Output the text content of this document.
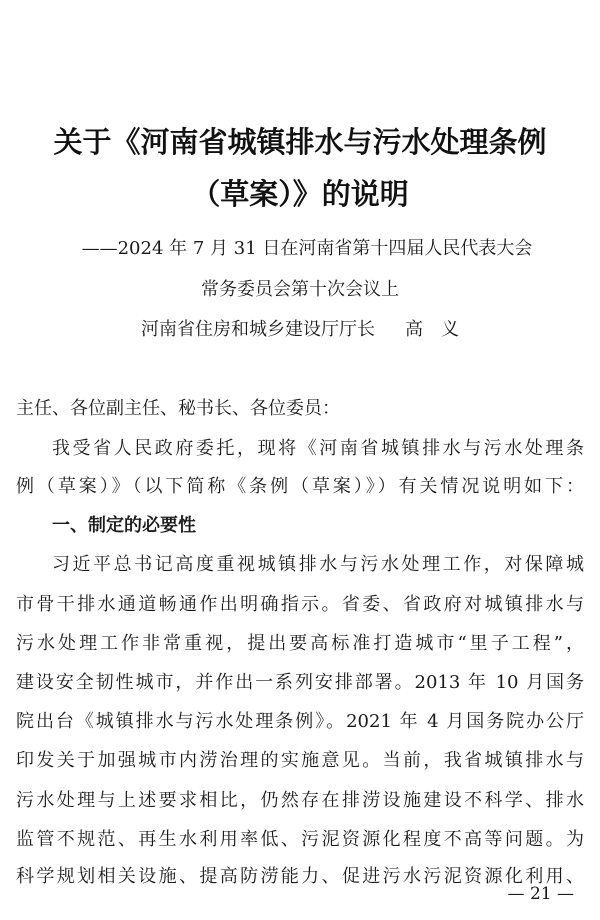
关于《河南省城镇排水与污水处理条例
（草案）》的说明
——2024 年 7 月 31 日在河南省第十四届人民代表大会
常务委员会第十次会议上
河南省住房和城乡建设厅厅长 高　义
主任、各位副主任、秘书长、各位委员：
我受省人民政府委托，现将《河南省城镇排水与污水处理条
例（草案）》（以下简称《条例（草案）》）有关情况说明如下：
一、制定的必要性
习近平总书记高度重视城镇排水与污水处理工作，对保障城
市骨干排水通道畅通作出明确指示。省委、省政府对城镇排水与
污水处理工作非常重视，提出要高标准打造城市“里子工程”，
建设安全韧性城市，并作出一系列安排部署。2013 年 10 月国务
院出台《城镇排水与污水处理条例》。2021 年 4 月国务院办公厅
印发关于加强城市内涝治理的实施意见。当前，我省城镇排水与
污水处理与上述要求相比，仍然存在排涝设施建设不科学、排水
监管不规范、再生水利用率低、污泥资源化程度不高等问题。为
科学规划相关设施、提高防涝能力、促进污水污泥资源化利用、
— 21 —
